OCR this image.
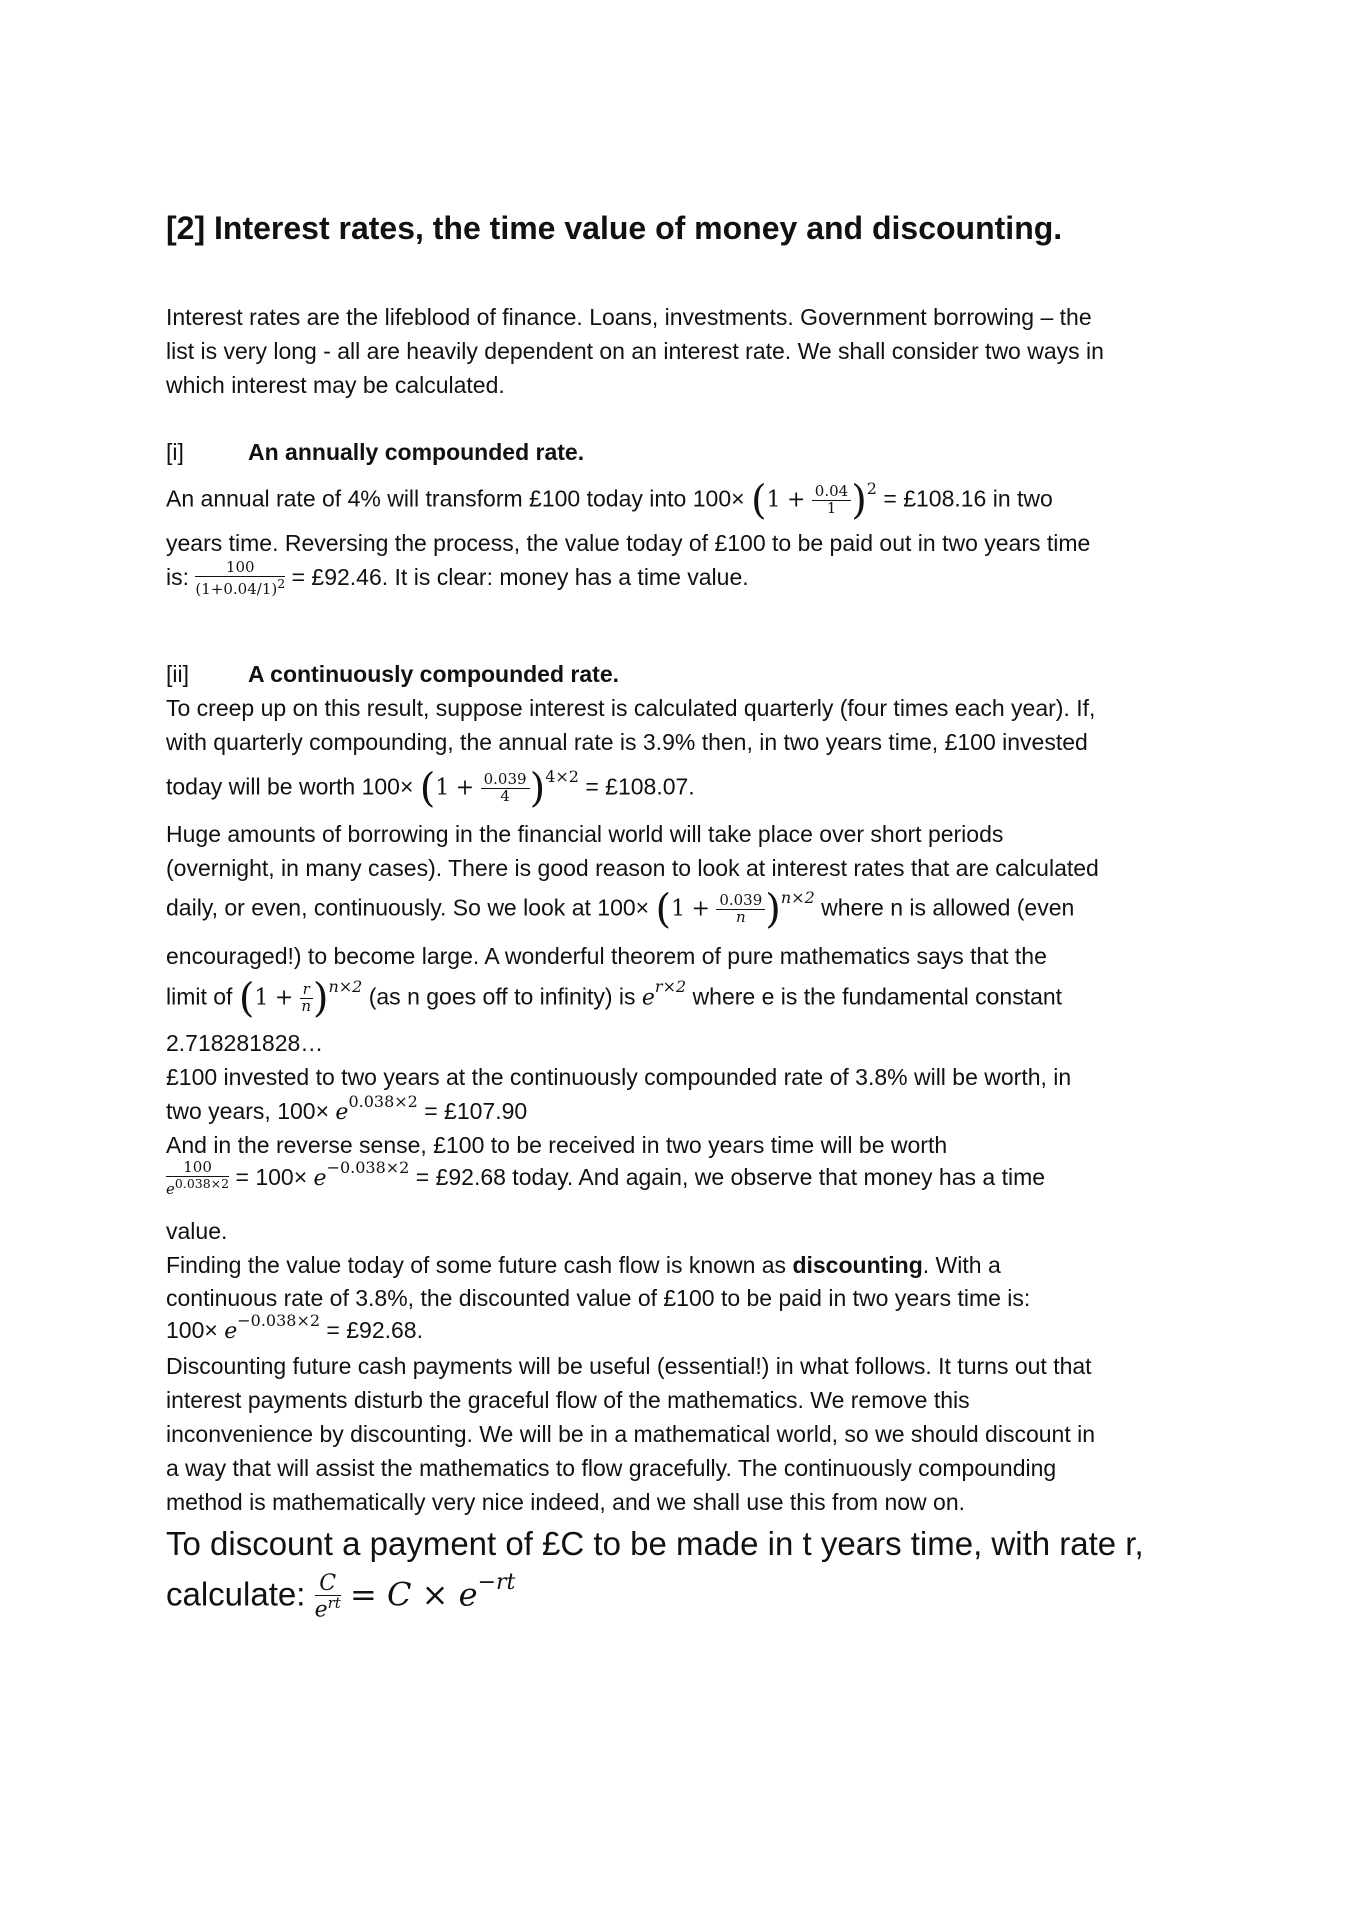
[2] Interest rates, the time value of money and discounting.
Interest rates are the lifeblood of finance. Loans, investments. Government borrowing – the
list is very long - all are heavily dependent on an interest rate. We shall consider two ways in
which interest may be calculated.
[i]	An annually compounded rate.
An annual rate of 4% will transform £100 today into $100\times (1 + \frac{0.04}{1} )^2$ = £108.16 in two
years time. Reversing the process, the value today of £100 to be paid out in two years time
is: $\frac{100}{(1+0.04/1)^2}$ = £92.46. It is clear: money has a time value.
[ii]	A continuously compounded rate.
To creep up on this result, suppose interest is calculated quarterly (four times each year). If,
with quarterly compounding, the annual rate is 3.9% then, in two years time, £100 invested
today will be worth $100\times (1 + \frac{0.039}{4} )^{4\times 2}$ = £108.07.
Huge amounts of borrowing in the financial world will take place over short periods
(overnight, in many cases). There is good reason to look at interest rates that are calculated
daily, or even, continuously. So we look at $100\times (1 + \frac{0.039}{n} )^{n\times 2}$ where n is allowed (even
encouraged!) to become large. A wonderful theorem of pure mathematics says that the
limit of $(1 + \frac{r}{n} )^{n\times 2}$ (as n goes off to infinity) is $e^{r\times 2}$ where e is the fundamental constant
2.718281828…
£100 invested to two years at the continuously compounded rate of 3.8% will be worth, in
two years, $100\times e^{0.038\times 2}$ = £107.90
And in the reverse sense, £100 to be received in two years time will be worth
$\frac{100}{e^{0.038\times 2}} = 100\times e^{-0.038\times 2}$ = £92.68 today. And again, we observe that money has a time
value.
Finding the value today of some future cash flow is known as discounting. With a
continuous rate of 3.8%, the discounted value of £100 to be paid in two years time is:
$100\times e^{-0.038\times 2}$ = £92.68.
Discounting future cash payments will be useful (essential!) in what follows. It turns out that
interest payments disturb the graceful flow of the mathematics. We remove this
inconvenience by discounting. We will be in a mathematical world, so we should discount in
a way that will assist the mathematics to flow gracefully. The continuously compounding
method is mathematically very nice indeed, and we shall use this from now on.
To discount a payment of £C to be made in t years time, with rate r,
calculate: $\frac{C}{e^{rt}} = C \times e^{-rt}$
